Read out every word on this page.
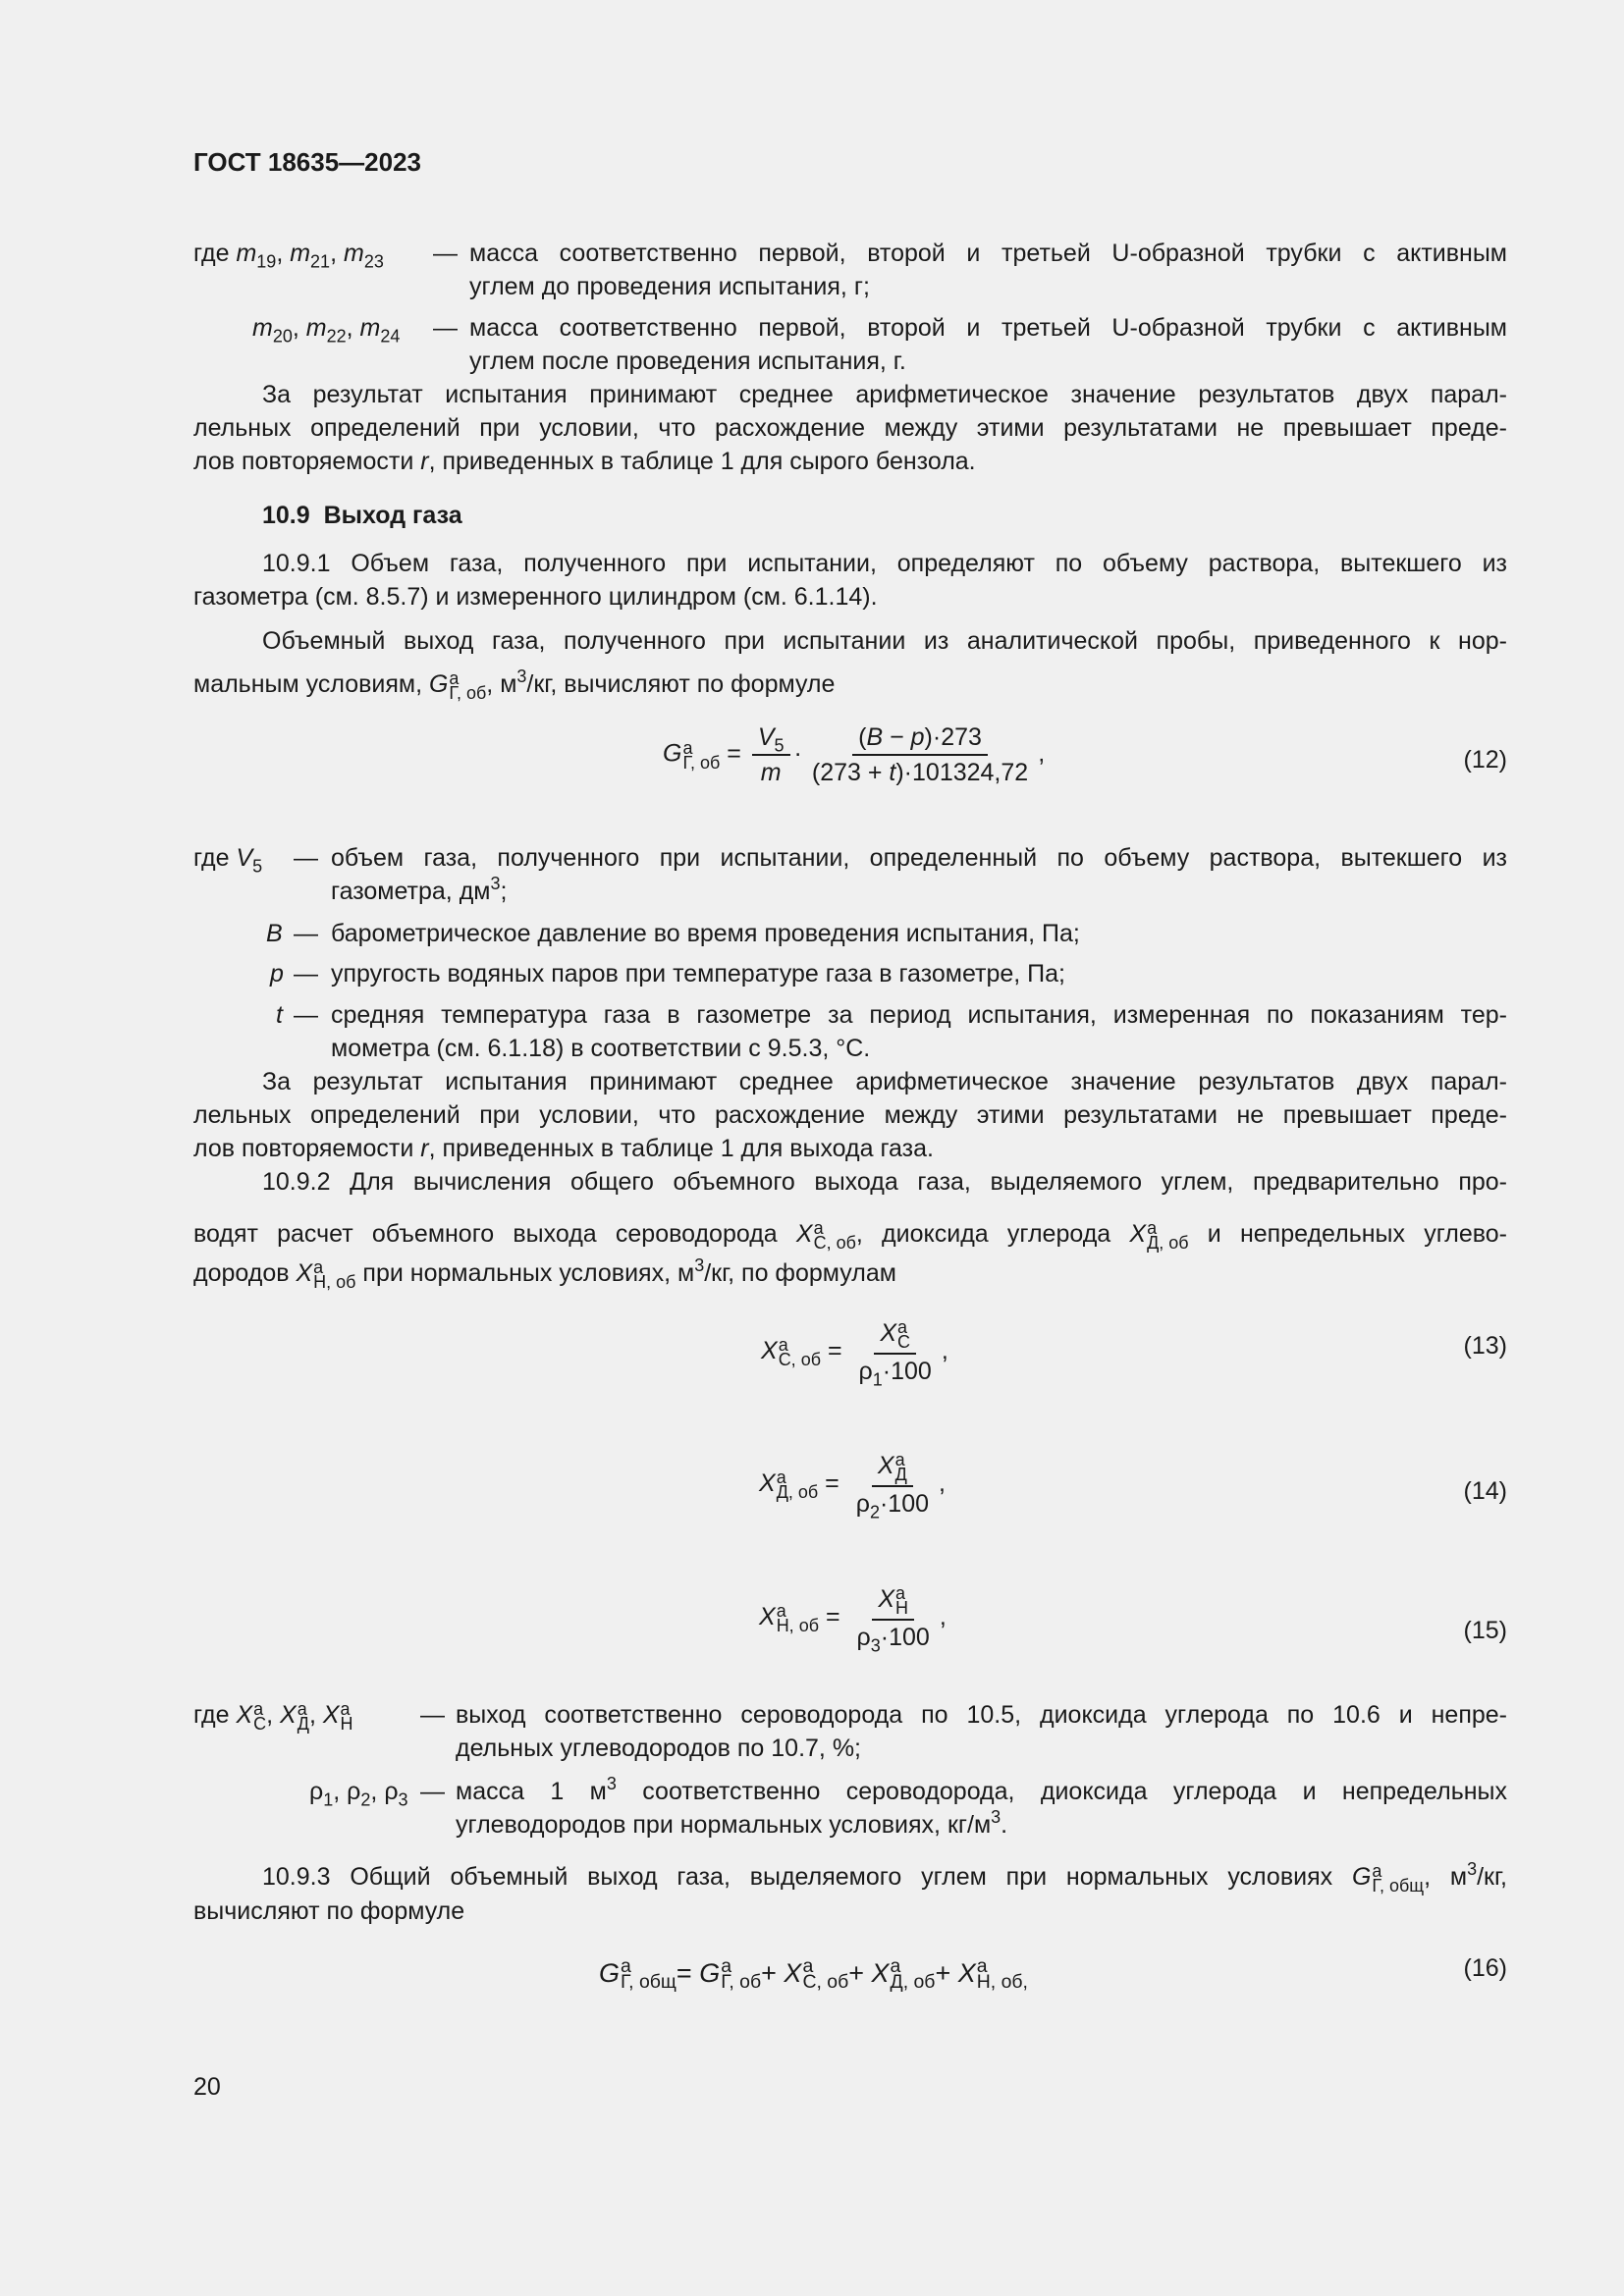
ГОСТ 18635—2023
где $m_{19}$, $m_{21}$, $m_{23}$ — масса соответственно первой, второй и третьей U-образной трубки с активным
углем до проведения испытания, г;
$m_{20}$, $m_{22}$, $m_{24}$ — масса соответственно первой, второй и третьей U-образной трубки с активным
углем после проведения испытания, г.
За результат испытания принимают среднее арифметическое значение результатов двух парал-
лельных определений при условии, что расхождение между этими результатами не превышает преде-
лов повторяемости r, приведенных в таблице 1 для сырого бензола.
10.9 Выход газа
10.9.1 Объем газа, полученного при испытании, определяют по объему раствора, вытекшего из
газометра (см. 8.5.7) и измеренного цилиндром (см. 6.1.14).
Объемный выход газа, полученного при испытании из аналитической пробы, приведенного к нор-
мальным условиям, G a
Г, об , $м^3/кг$, вычисляют по формуле
G a
Г, об = $\frac{V_5}{m} \cdot \frac{(B - p)\cdot 273}{(273 + t)\cdot 101324,72}$ ,	(12)
где $V_5$ — объем газа, полученного при испытании, определенный по объему раствора, вытекшего из
газометра, $дм^3$;
B — барометрическое давление во время проведения испытания, Па;
p — упругость водяных паров при температуре газа в газометре, Па;
t — средняя температура газа в газометре за период испытания, измеренная по показаниям тер-
мометра (см. 6.1.18) в соответствии с 9.5.3, °С.
За результат испытания принимают среднее арифметическое значение результатов двух парал-
лельных определений при условии, что расхождение между этими результатами не превышает преде-
лов повторяемости r, приведенных в таблице 1 для выхода газа.
10.9.2 Для вычисления общего объемного выхода газа, выделяемого углем, предварительно про-
водят расчет объемного выхода сероводорода X a
С, об , диоксида углерода X a
Д, об и непредельных углево-
дородов X a
Н, об при нормальных условиях, $м^3/кг$, по формулам
X a
С, об = X a
С
$\rho_1\cdot 100$ ,	(13)
X a
Д, об = X a
Д
$\rho_2\cdot 100$ ,	(14)
X a
Н, об = X a
Н
$\rho_3\cdot 100$ ,	(15)
где X a
С , X a
Д , X a
Н	— выход соответственно сероводорода по 10.5, диоксида углерода по 10.6 и непре-
дельных углеводородов по 10.7, %;
$\rho_1$, $\rho_2$, $\rho_3$ — масса 1 $м^3$ соответственно сероводорода, диоксида углерода и непредельных
углеводородов при нормальных условиях, $кг/м^3$.
10.9.3 Общий объемный выход газа, выделяемого углем при нормальных условиях G a
Г, общ , $м^3/кг$,
вычисляют по формуле
G a
Г, общ = G a
Г, об + X a
С, об + X a
Д, об + X a
Н, об,
(16)
20
